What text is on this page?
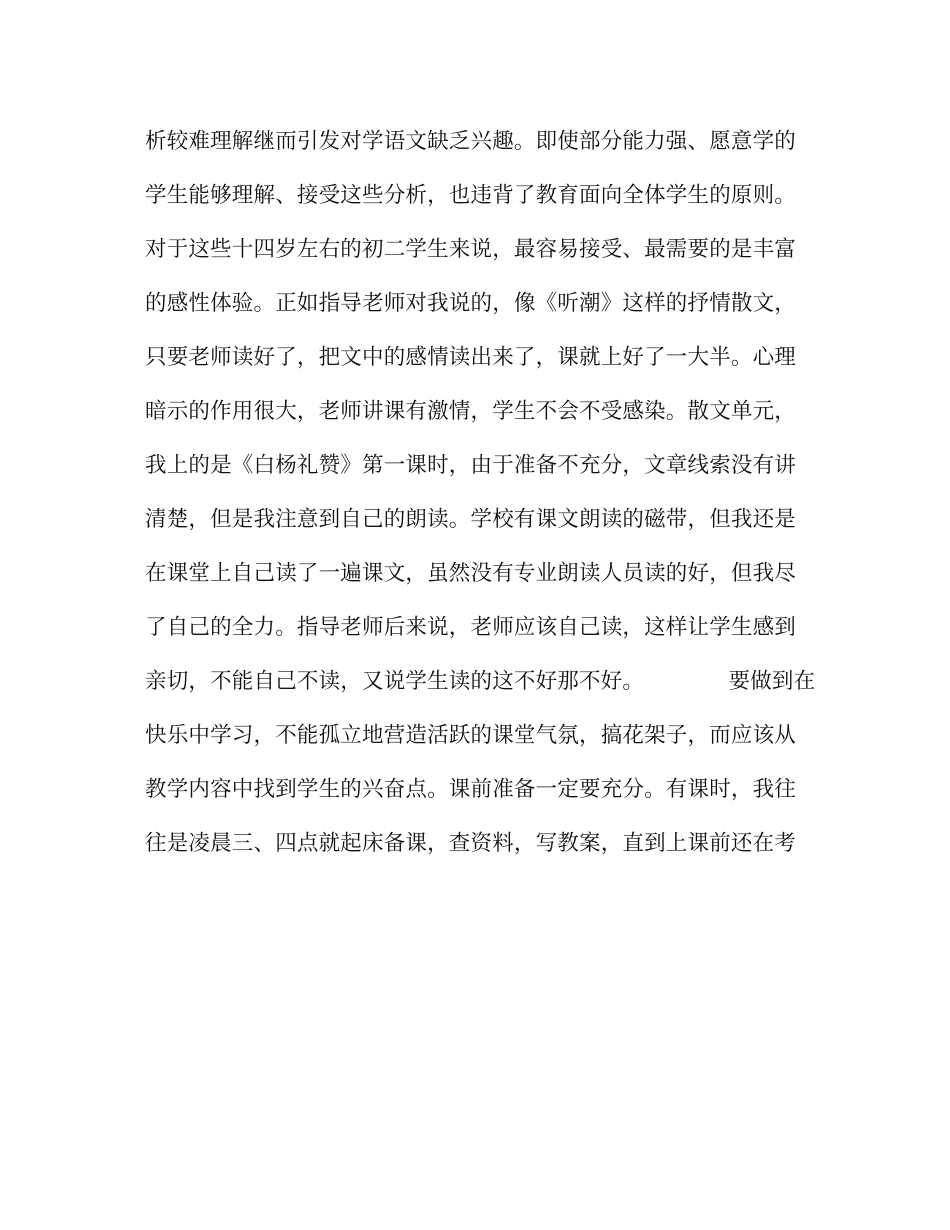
析较难理解继而引发对学语文缺乏兴趣。即使部分能力强、愿意学的
学生能够理解、接受这些分析，也违背了教育面向全体学生的原则。
对于这些十四岁左右的初二学生来说，最容易接受、最需要的是丰富
的感性体验。正如指导老师对我说的，像《听潮》这样的抒情散文，
只要老师读好了，把文中的感情读出来了，课就上好了一大半。心理
暗示的作用很大，老师讲课有激情，学生不会不受感染。散文单元，
我上的是《白杨礼赞》第一课时，由于准备不充分，文章线索没有讲
清楚，但是我注意到自己的朗读。学校有课文朗读的磁带，但我还是
在课堂上自己读了一遍课文，虽然没有专业朗读人员读的好，但我尽
了自己的全力。指导老师后来说，老师应该自己读，这样让学生感到
亲切，不能自己不读，又说学生读的这不好那不好。            要做到在
快乐中学习，不能孤立地营造活跃的课堂气氛，搞花架子，而应该从
教学内容中找到学生的兴奋点。课前准备一定要充分。有课时，我往
往是凌晨三、四点就起床备课，查资料，写教案，直到上课前还在考
